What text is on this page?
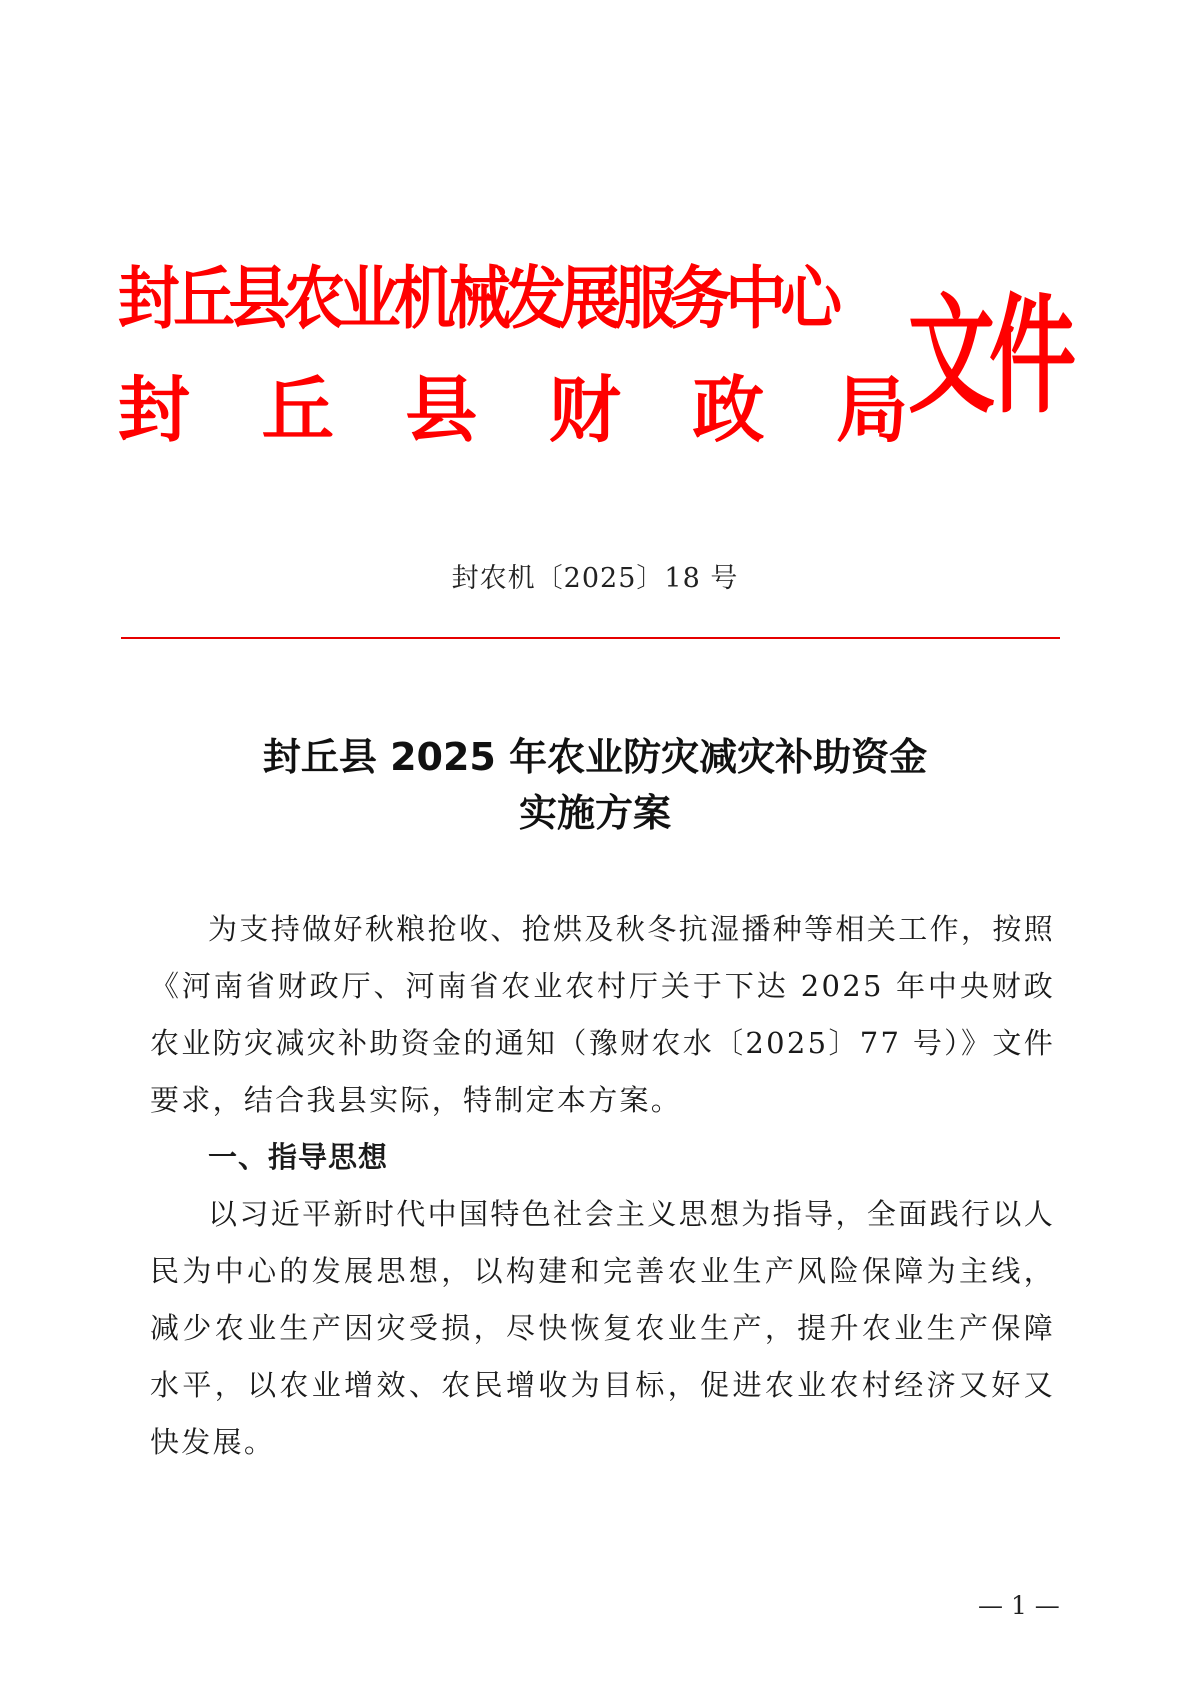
封丘县农业机械发展服务中心
封 丘 县 财 政 局 文件
封农机〔2025〕18 号
封丘县 2025 年农业防灾减灾补助资金
实施方案

为支持做好秋粮抢收、抢烘及秋冬抗湿播种等相关工作，按照《河南省财政厅、河南省农业农村厅关于下达 2025 年中央财政农业防灾减灾补助资金的通知（豫财农水〔2025〕77 号）》文件要求，结合我县实际，特制定本方案。

一、指导思想

以习近平新时代中国特色社会主义思想为指导，全面践行以人民为中心的发展思想，以构建和完善农业生产风险保障为主线，减少农业生产因灾受损，尽快恢复农业生产，提升农业生产保障水平，以农业增效、农民增收为目标，促进农业农村经济又好又快发展。

— 1 —
